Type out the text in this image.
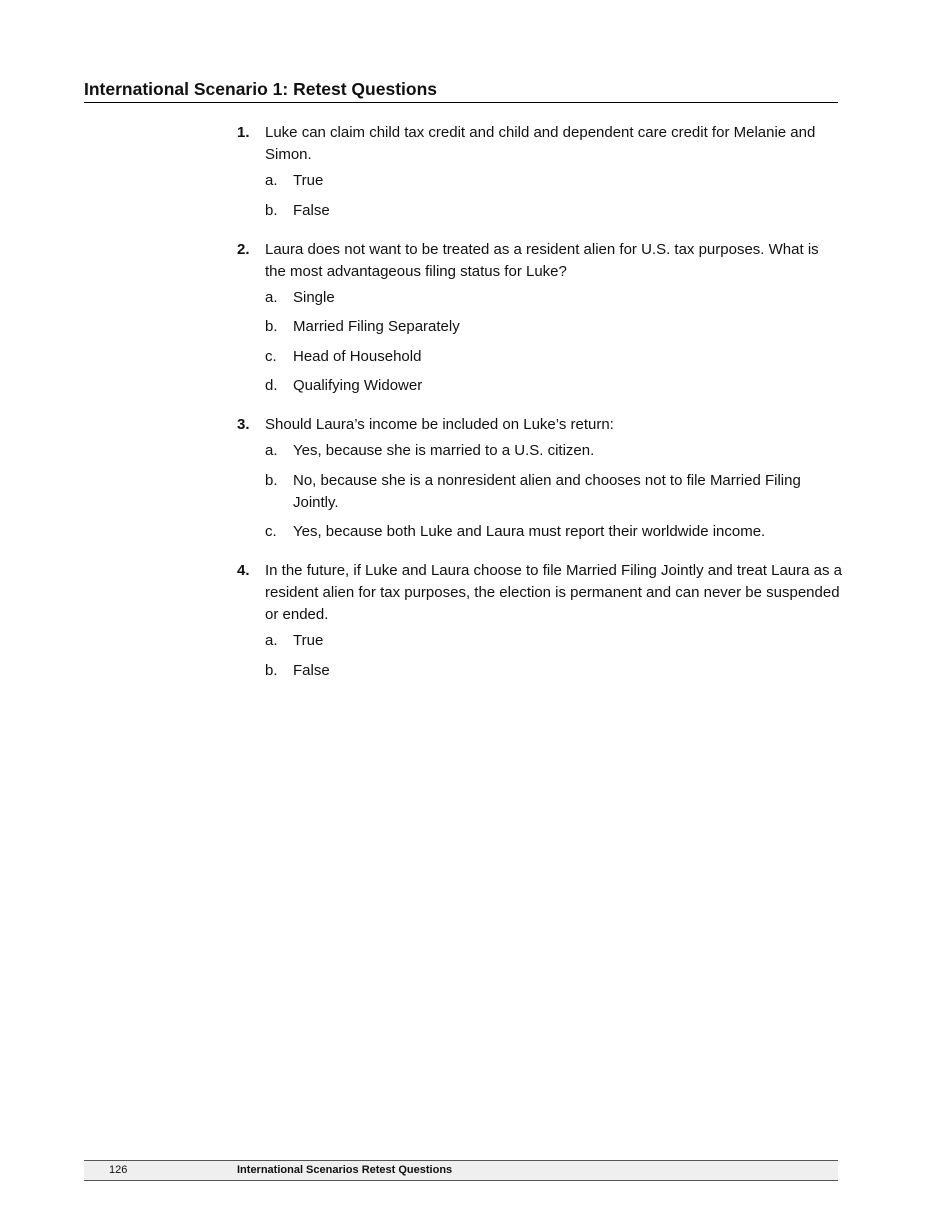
International Scenario 1: Retest Questions
1.	Luke can claim child tax credit and child and dependent care credit for Melanie and Simon.
a.	True
b.	False
2.	Laura does not want to be treated as a resident alien for U.S. tax purposes. What is the most advantageous filing status for Luke?
a.	Single
b.	Married Filing Separately
c.	Head of Household
d.	Qualifying Widower
3.	Should Laura’s income be included on Luke’s return:
a.	Yes, because she is married to a U.S. citizen.
b.	No, because she is a nonresident alien and chooses not to file Married Filing Jointly.
c.	Yes, because both Luke and Laura must report their worldwide income.
4.	In the future, if Luke and Laura choose to file Married Filing Jointly and treat Laura as a resident alien for tax purposes, the election is permanent and can never be suspended or ended.
a.	True
b.	False
126	International Scenarios Retest Questions
